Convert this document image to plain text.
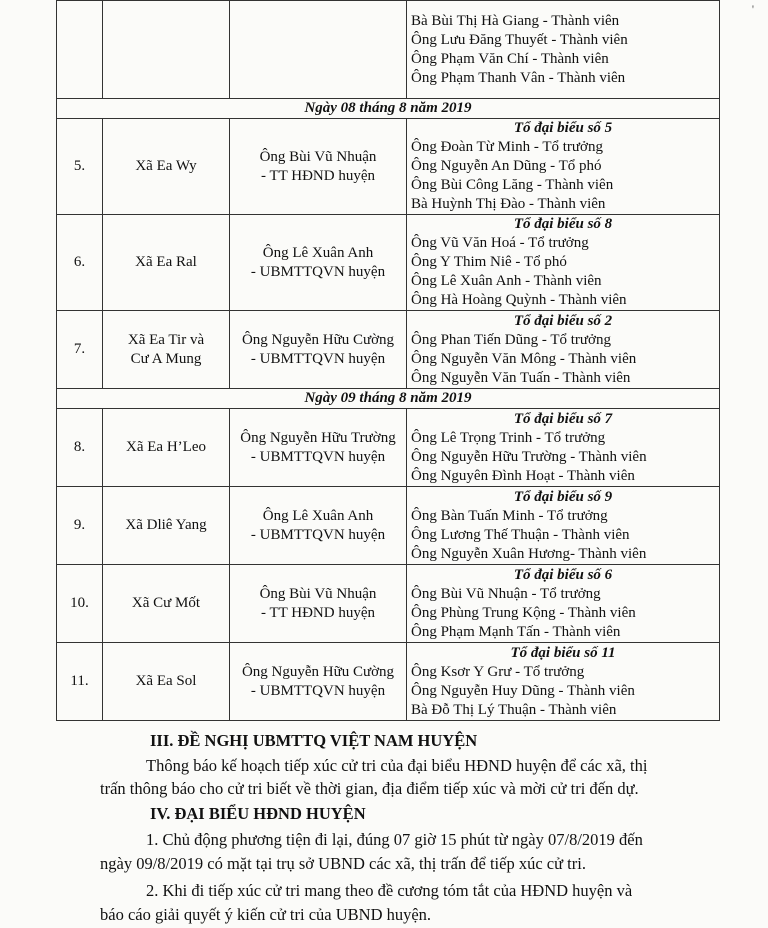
'

			Bà Bùi Thị Hà Giang - Thành viên
Ông Lưu Đăng Thuyết - Thành viên
Ông Phạm Văn Chí - Thành viên
Ông Phạm Thanh Vân - Thành viên

Ngày 08 tháng 8 năm 2019			
5.	Xã Ea Wy	Ông Bùi Vũ Nhuận
- TT HĐND huyện	Tổ đại biểu số 5
Ông Đoàn Từ Minh - Tổ trưởng
Ông Nguyễn An Dũng - Tổ phó
Ông Bùi Công Lăng - Thành viên
Bà Huỳnh Thị Đào - Thành viên

6.	Xã Ea Ral	Ông Lê Xuân Anh
- UBMTTQVN huyện	Tổ đại biểu số 8
Ông Vũ Văn Hoá - Tổ trưởng
Ông Y Thim Niê - Tổ phó
Ông Lê Xuân Anh - Thành viên
Ông Hà Hoàng Quỳnh - Thành viên

7.	Xã Ea Tir và
Cư A Mung	Ông Nguyễn Hữu Cường
- UBMTTQVN huyện	Tổ đại biểu số 2
Ông Phan Tiến Dũng - Tổ trưởng
Ông Nguyễn Văn Mông - Thành viên
Ông Nguyễn Văn Tuấn - Thành viên

Ngày 09 tháng 8 năm 2019			
8.	Xã Ea H’Leo	Ông Nguyễn Hữu Trường
- UBMTTQVN huyện	Tổ đại biểu số 7
Ông Lê Trọng Trinh - Tổ trưởng
Ông Nguyễn Hữu Trường - Thành viên
Ông Nguyên Đình Hoạt - Thành viên

9.	Xã Dliê Yang	Ông Lê Xuân Anh
- UBMTTQVN huyện	Tổ đại biểu số 9
Ông Bàn Tuấn Minh - Tổ trưởng
Ông Lương Thế Thuận - Thành viên
Ông Nguyễn Xuân Hương- Thành viên

10.	Xã Cư Mốt	Ông Bùi Vũ Nhuận
- TT HĐND huyện	Tổ đại biểu số 6
Ông Bùi Vũ Nhuận - Tổ trưởng
Ông Phùng Trung Kộng - Thành viên
Ông Phạm Mạnh Tấn - Thành viên

11.	Xã Ea Sol	Ông Nguyễn Hữu Cường
- UBMTTQVN huyện	Tổ đại biểu số 11
Ông Ksơr Y Grư - Tổ trưởng
Ông Nguyễn Huy Dũng - Thành viên
Bà Đỗ Thị Lý Thuận - Thành viên
III. ĐỀ NGHỊ UBMTTQ VIỆT NAM HUYỆN
Thông báo kế hoạch tiếp xúc cử tri của đại biểu HĐND huyện để các xã, thị
trấn thông báo cho cử tri biết về thời gian, địa điểm tiếp xúc và mời cử tri đến dự.
IV. ĐẠI BIỂU HĐND HUYỆN
1. Chủ động phương tiện đi lại, đúng 07 giờ 15 phút từ ngày 07/8/2019 đến
ngày 09/8/2019 có mặt tại trụ sở UBND các xã, thị trấn để tiếp xúc cử tri.
2. Khi đi tiếp xúc cử tri mang theo đề cương tóm tắt của HĐND huyện và
báo cáo giải quyết ý kiến cử tri của UBND huyện.
